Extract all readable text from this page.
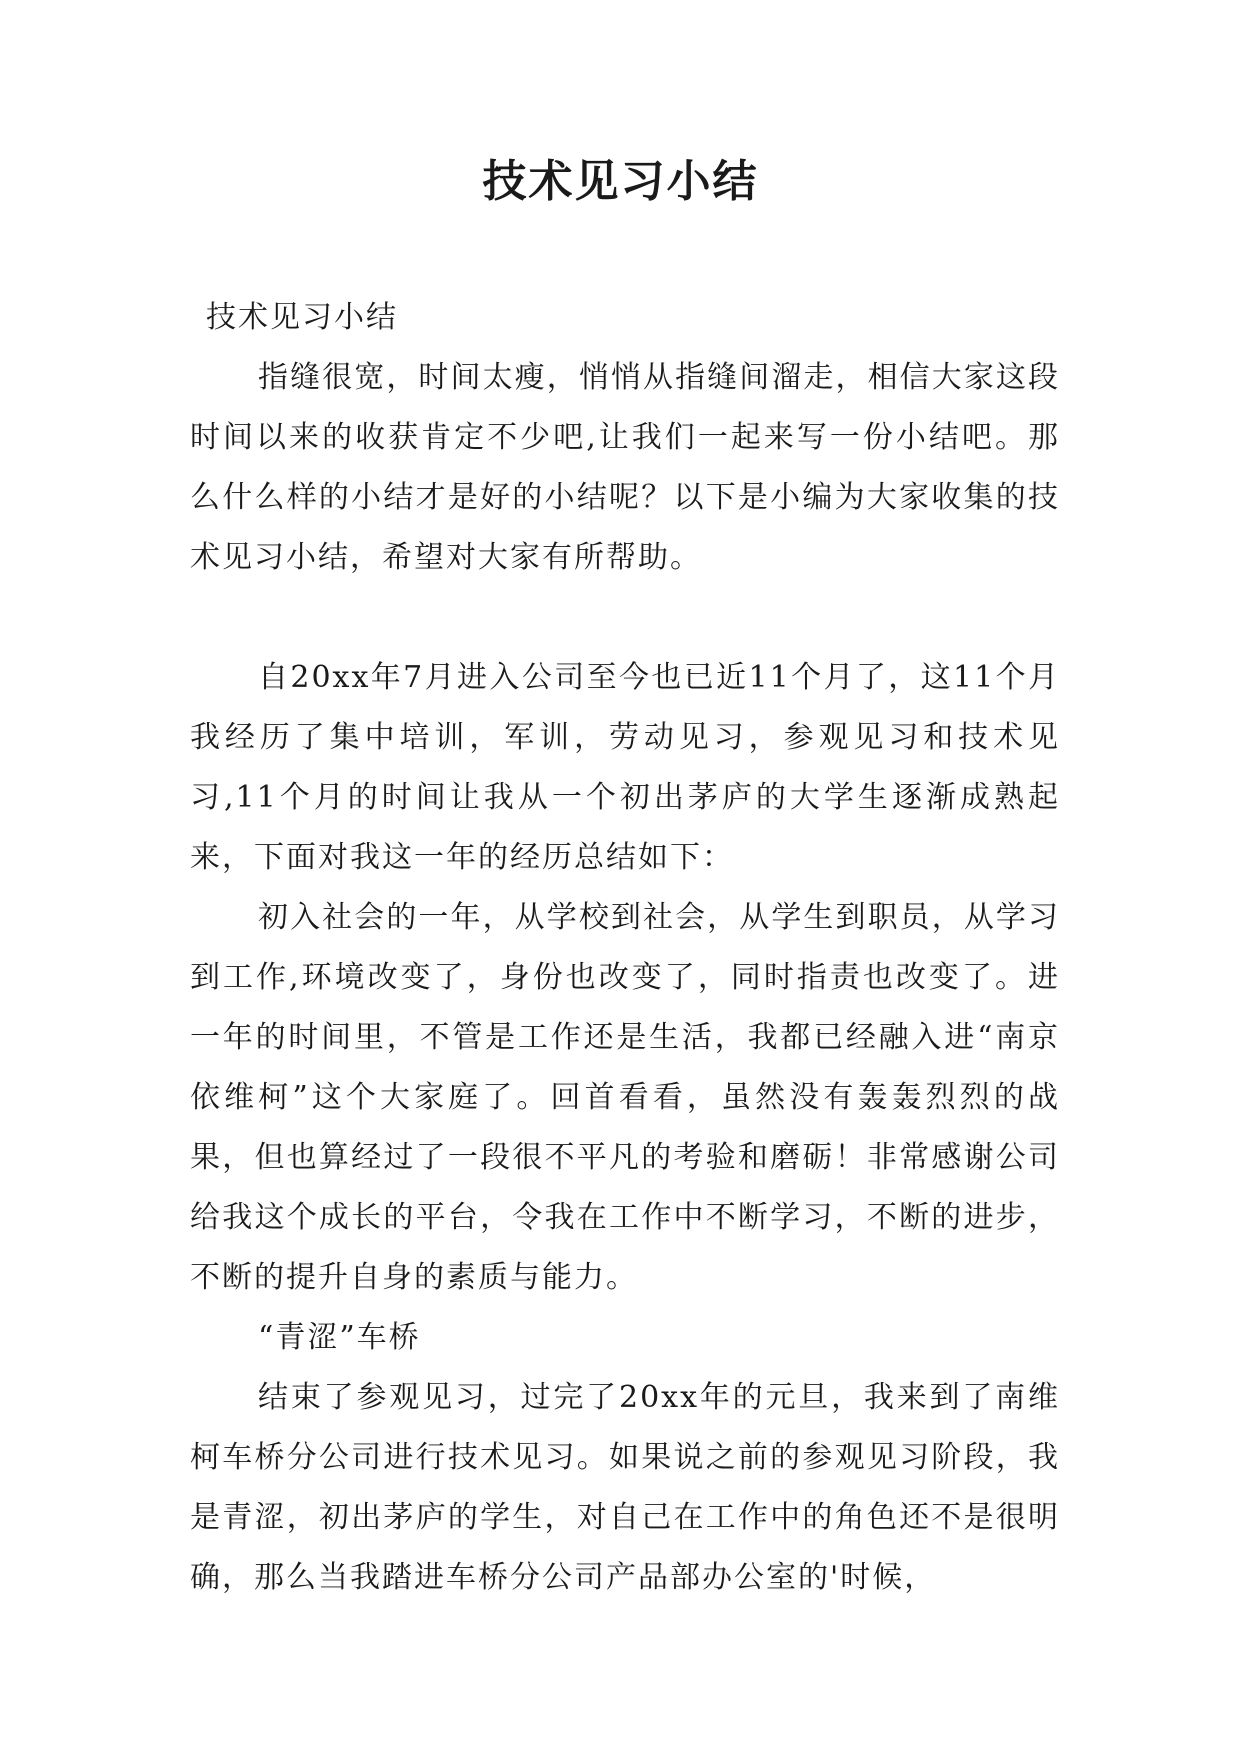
技术见习小结

技术见习小结

指缝很宽，时间太瘦，悄悄从指缝间溜走，相信大家这段时间以来的收获肯定不少吧,让我们一起来写一份小结吧。那么什么样的小结才是好的小结呢？以下是小编为大家收集的技术见习小结，希望对大家有所帮助。

自20xx年7月进入公司至今也已近11个月了，这11个月我经历了集中培训，军训，劳动见习，参观见习和技术见习,11个月的时间让我从一个初出茅庐的大学生逐渐成熟起来，下面对我这一年的经历总结如下：

初入社会的一年，从学校到社会，从学生到职员，从学习到工作,环境改变了，身份也改变了，同时指责也改变了。进一年的时间里，不管是工作还是生活，我都已经融入进“南京依维柯”这个大家庭了。回首看看，虽然没有轰轰烈烈的战果，但也算经过了一段很不平凡的考验和磨砺！非常感谢公司给我这个成长的平台，令我在工作中不断学习，不断的进步，不断的提升自身的素质与能力。

“青涩”车桥

结束了参观见习，过完了20xx年的元旦，我来到了南维柯车桥分公司进行技术见习。如果说之前的参观见习阶段，我是青涩，初出茅庐的学生，对自己在工作中的角色还不是很明确，那么当我踏进车桥分公司产品部办公室的'时候，
